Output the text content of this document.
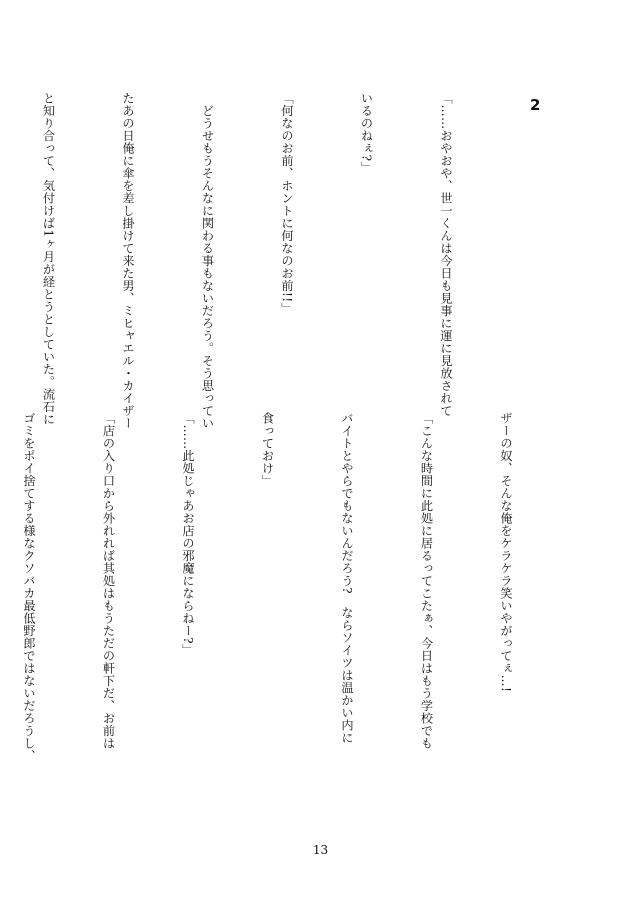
2

「……おやおや、世一くんは今日も見事に運に見放されて

いるのねぇ?」

「何なのお前、ホントに何なのお前!!」

　どうせもうそんなに関わる事もないだろう。そう思ってい

たあの日俺に傘を差し掛けて来た男、ミヒャエル・カイザー

と知り合って、気付けば1ヶ月が経とうとしていた。流石に

ザーの奴、そんな俺をケラケラ笑いやがってぇ…!

「こんな時間に此処に居るってこたぁ、今日はもう学校でも

バイトとやらでもないんだろう?　ならソイツは温かい内に

食っておけ」

「……此処じゃあお店の邪魔にならねー?」

「店の入り口から外れれば其処はもうただの軒下だ、お前は

ゴミをポイ捨てする様なクソバカ最低野郎ではないだろうし、

13
